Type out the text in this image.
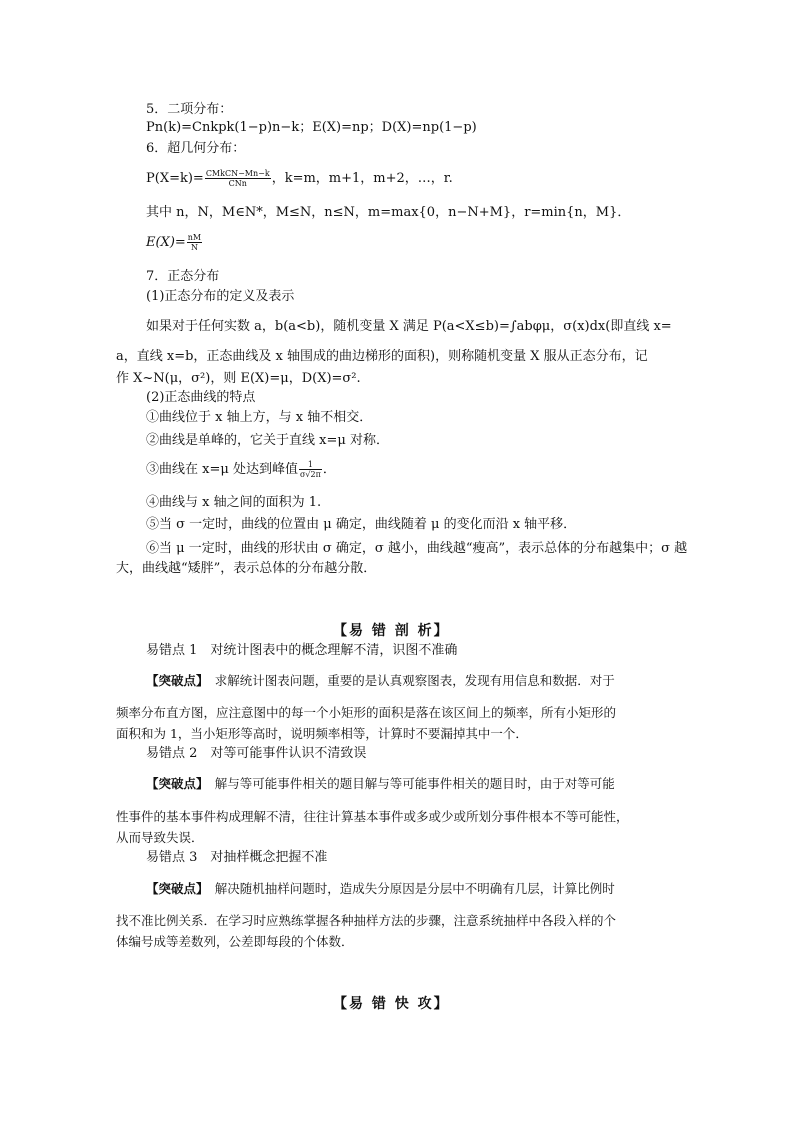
5．二项分布：
Pn(k)=Cnkpk(1−p)n−k；E(X)=np；D(X)=np(1−p)
6．超几何分布：
$P(X=k)= \frac{\text{CMkCN−Mn−k}}{\text{CNn}}$ ，k=m，m+1，m+2，…，r.
其中 n，N，M∈N*，M≤N，n≤N，m=max{0，n−N+M}，r=min{n，M}．
$E(X)= \frac{nM}{N}$
7．正态分布
(1)正态分布的定义及表示
如果对于任何实数 a，b(a<b)，随机变量 X 满足 P(a<X≤b)=∫abφμ，σ(x)dx(即直线 x=
a，直线 x=b，正态曲线及 x 轴围成的曲边梯形的面积)，则称随机变量 X 服从正态分布，记
作 X~N(μ，σ²)，则 E(X)=μ，D(X)=σ².
(2)正态曲线的特点
①曲线位于 x 轴上方，与 x 轴不相交．
②曲线是单峰的，它关于直线 x=μ 对称．
③曲线在 x=μ 处达到峰值 $\frac{1}{\sigma√2\pi}$ ．
④曲线与 x 轴之间的面积为 1.
⑤当 σ 一定时，曲线的位置由 μ 确定，曲线随着 μ 的变化而沿 x 轴平移．
⑥当 μ 一定时，曲线的形状由 σ 确定，σ 越小，曲线越“瘦高”，表示总体的分布越集中；σ 越
大，曲线越“矮胖”，表示总体的分布越分散．
【易 错 剖 析】
易错点 1　对统计图表中的概念理解不清，识图不准确
【突破点】　求解统计图表问题，重要的是认真观察图表，发现有用信息和数据．对于
频率分布直方图，应注意图中的每一个小矩形的面积是落在该区间上的频率，所有小矩形的
面积和为 1，当小矩形等高时，说明频率相等，计算时不要漏掉其中一个．
易错点 2　对等可能事件认识不清致误
【突破点】　解与等可能事件相关的题目解与等可能事件相关的题目时，由于对等可能
性事件的基本事件构成理解不清，往往计算基本事件或多或少或所划分事件根本不等可能性，
从而导致失误．
易错点 3　对抽样概念把握不准
【突破点】　解决随机抽样问题时，造成失分原因是分层中不明确有几层，计算比例时
找不准比例关系．在学习时应熟练掌握各种抽样方法的步骤，注意系统抽样中各段入样的个
体编号成等差数列，公差即每段的个体数．
【易 错 快 攻】
